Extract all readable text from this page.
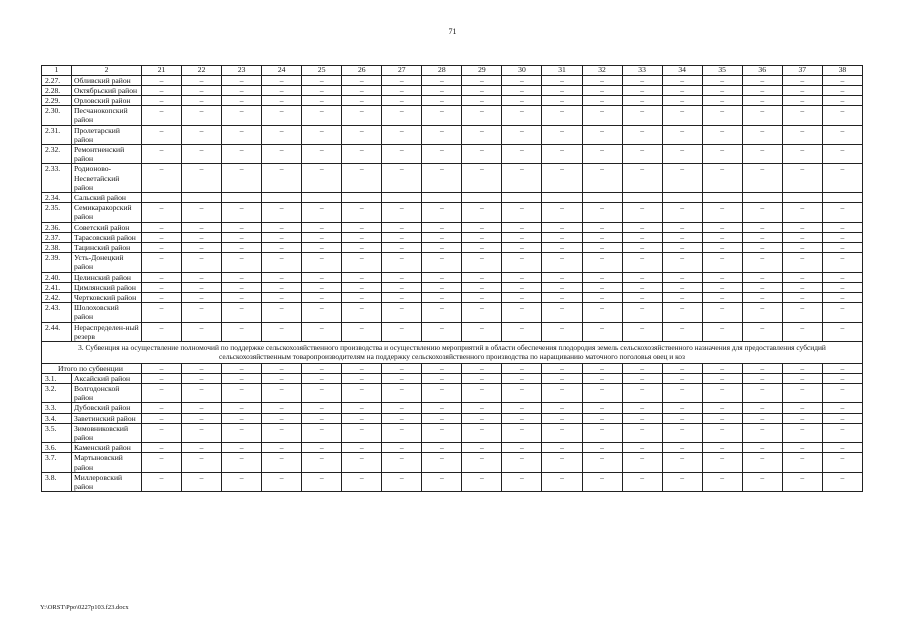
71
1	2	21	22	23	24	25	26	27	28	29	30	31	32	33	34	35	36	37	38
2.27.	Обливский район	–	–	–	–	–	–	–	–	–	–	–	–	–	–	–	–	–	–
2.28.	Октябрьский район	–	–	–	–	–	–	–	–	–	–	–	–	–	–	–	–	–	–
2.29.	Орловский район	–	–	–	–	–	–	–	–	–	–	–	–	–	–	–	–	–	–
2.30.	Песчанокопский район	–	–	–	–	–	–	–	–	–	–	–	–	–	–	–	–	–	–
2.31.	Пролетарский район	–	–	–	–	–	–	–	–	–	–	–	–	–	–	–	–	–	–
2.32.	Ремонтненский район	–	–	–	–	–	–	–	–	–	–	–	–	–	–	–	–	–	–
2.33.	Родионово-Несветайский район	–	–	–	–	–	–	–	–	–	–	–	–	–	–	–	–	–	–
2.34.	Сальский район																		
2.35.	Семикаракорский район	–	–	–	–	–	–	–	–	–	–	–	–	–	–	–	–	–	–
2.36.	Советский район	–	–	–	–	–	–	–	–	–	–	–	–	–	–	–	–	–	–
2.37.	Тарасовский район	–	–	–	–	–	–	–	–	–	–	–	–	–	–	–	–	–	–
2.38.	Тацинский район	–	–	–	–	–	–	–	–	–	–	–	–	–	–	–	–	–	–
2.39.	Усть-Донецкий район	–	–	–	–	–	–	–	–	–	–	–	–	–	–	–	–	–	–
2.40.	Целинский район	–	–	–	–	–	–	–	–	–	–	–	–	–	–	–	–	–	–
2.41.	Цимлянский район	–	–	–	–	–	–	–	–	–	–	–	–	–	–	–	–	–	–
2.42.	Чертковский район	–	–	–	–	–	–	–	–	–	–	–	–	–	–	–	–	–	–
2.43.	Шолоховский район	–	–	–	–	–	–	–	–	–	–	–	–	–	–	–	–	–	–
2.44.	Нераспределен-ный резерв	–	–	–	–	–	–	–	–	–	–	–	–	–	–	–	–	–	–
3. Субвенция на осуществление полномочий по поддержке сельскохозяйственного производства и осуществлению мероприятий в области обеспечения плодородия земель сельскохозяйственного назначения для предоставления субсидий сельскохозяйственным товаропроизводителям на поддержку сельскохозяйственного производства по наращиванию маточного поголовья овец и коз																			
Итого по субвенции		–	–	–	–	–	–	–	–	–	–	–	–	–	–	–	–	–	–
3.1.	Аксайский район	–	–	–	–	–	–	–	–	–	–	–	–	–	–	–	–	–	–
3.2.	Волгодонской район	–	–	–	–	–	–	–	–	–	–	–	–	–	–	–	–	–	–
3.3.	Дубовский район	–	–	–	–	–	–	–	–	–	–	–	–	–	–	–	–	–	–
3.4.	Заветинский район	–	–	–	–	–	–	–	–	–	–	–	–	–	–	–	–	–	–
3.5.	Зимовниковский район	–	–	–	–	–	–	–	–	–	–	–	–	–	–	–	–	–	–
3.6.	Каменский район	–	–	–	–	–	–	–	–	–	–	–	–	–	–	–	–	–	–
3.7.	Мартыновский район	–	–	–	–	–	–	–	–	–	–	–	–	–	–	–	–	–	–
3.8.	Миллеровский район	–	–	–	–	–	–	–	–	–	–	–	–	–	–	–	–	–	–
Y:\ORST\Ppo\0227p103.f23.docx
